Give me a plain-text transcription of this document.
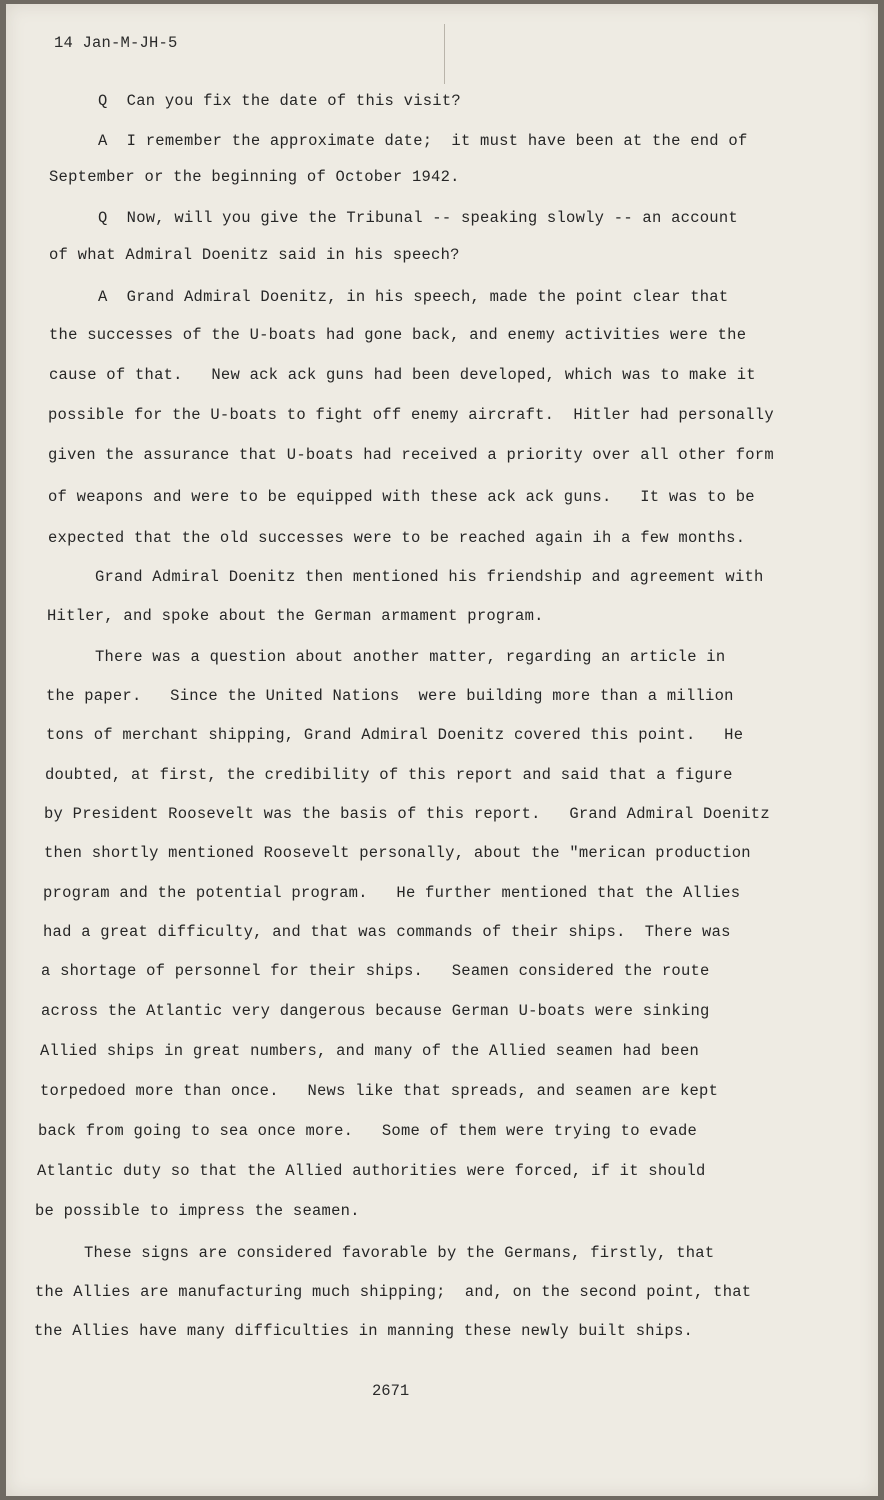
14 Jan-M-JH-5
Q  Can you fix the date of this visit?
A  I remember the approximate date;  it must have been at the end of
September or the beginning of October 1942.
Q  Now, will you give the Tribunal -- speaking slowly -- an account
of what Admiral Doenitz said in his speech?
A  Grand Admiral Doenitz, in his speech, made the point clear that
the successes of the U-boats had gone back, and enemy activities were the
cause of that.   New ack ack guns had been developed, which was to make it
possible for the U-boats to fight off enemy aircraft.  Hitler had personally
given the assurance that U-boats had received a priority over all other form
of weapons and were to be equipped with these ack ack guns.   It was to be
expected that the old successes were to be reached again ih a few months.
Grand Admiral Doenitz then mentioned his friendship and agreement with
Hitler, and spoke about the German armament program.
There was a question about another matter, regarding an article in
the paper.   Since the United Nations  were building more than a million
tons of merchant shipping, Grand Admiral Doenitz covered this point.   He
doubted, at first, the credibility of this report and said that a figure
by President Roosevelt was the basis of this report.   Grand Admiral Doenitz
then shortly mentioned Roosevelt personally, about the "merican production
program and the potential program.   He further mentioned that the Allies
had a great difficulty, and that was commands of their ships.  There was
a shortage of personnel for their ships.   Seamen considered the route
across the Atlantic very dangerous because German U-boats were sinking
Allied ships in great numbers, and many of the Allied seamen had been
torpedoed more than once.   News like that spreads, and seamen are kept
back from going to sea once more.   Some of them were trying to evade
Atlantic duty so that the Allied authorities were forced, if it should
be possible to impress the seamen.
These signs are considered favorable by the Germans, firstly, that
the Allies are manufacturing much shipping;  and, on the second point, that
the Allies have many difficulties in manning these newly built ships.
2671
